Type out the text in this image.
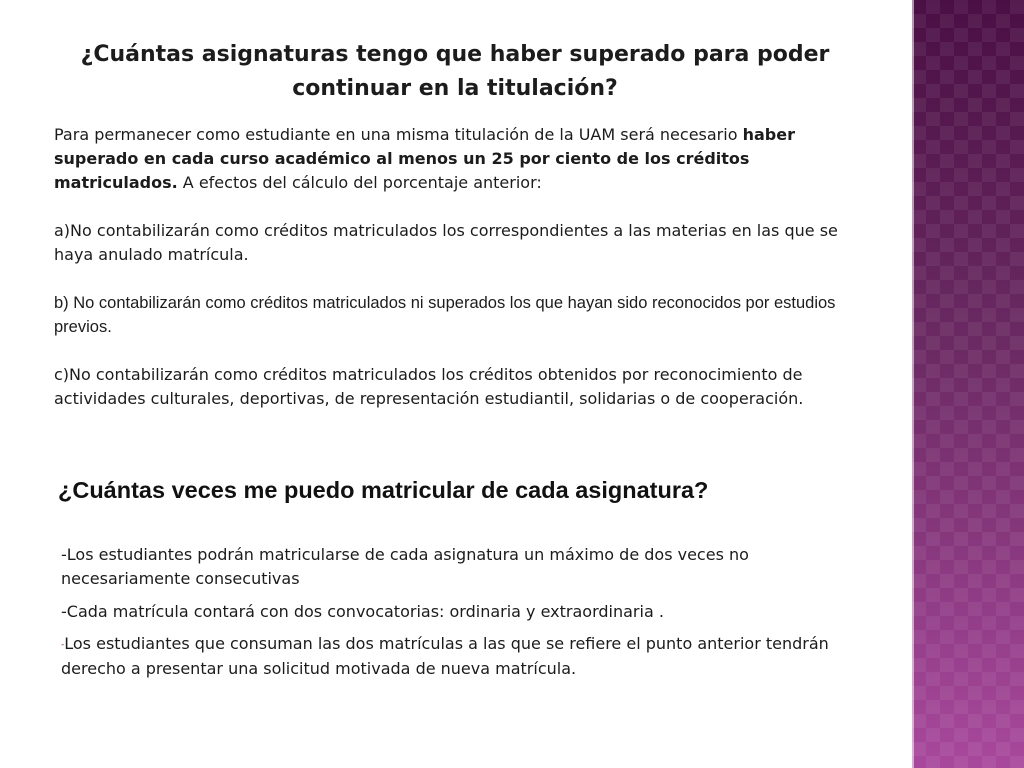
¿Cuántas asignaturas tengo que haber superado para poder continuar en la titulación?

Para permanecer como estudiante en una misma titulación de la UAM será necesario haber superado en cada curso académico al menos un 25 por ciento de los créditos matriculados. A efectos del cálculo del porcentaje anterior:

a)No contabilizarán como créditos matriculados los correspondientes a las materias en las que se haya anulado matrícula.

b) No contabilizarán como créditos matriculados ni superados los que hayan sido reconocidos por estudios previos.

c)No contabilizarán como créditos matriculados los créditos obtenidos por reconocimiento de actividades culturales, deportivas, de representación estudiantil, solidarias o de cooperación.

¿Cuántas veces me puedo matricular de cada asignatura?

-Los estudiantes podrán matricularse de cada asignatura un máximo de dos veces no necesariamente consecutivas

-Cada matrícula contará con dos convocatorias: ordinaria y extraordinaria .

-Los estudiantes que consuman las dos matrículas a las que se refiere el punto anterior tendrán derecho a presentar una solicitud motivada de nueva matrícula.
